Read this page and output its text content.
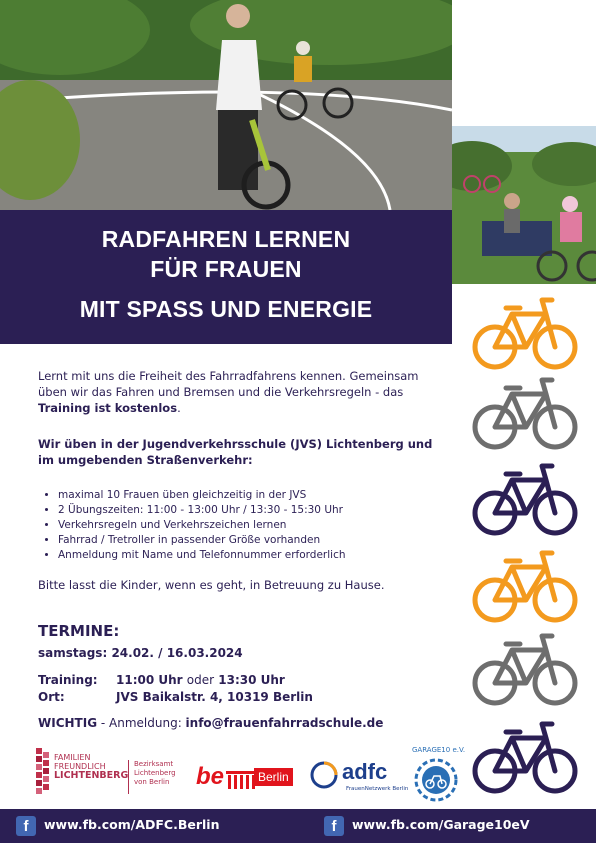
RADFAHREN LERNEN
FÜR FRAUEN
MIT SPASS UND ENERGIE
Lernt mit uns die Freiheit des Fahrradfahrens kennen. Gemeinsam üben wir das Fahren und Bremsen und die Verkehrsregeln - das Training ist kostenlos.
Wir üben in der Jugendverkehrsschule (JVS) Lichtenberg und im umgebenden Straßenverkehr:
• maximal 10 Frauen üben gleichzeitig in der JVS
• 2 Übungszeiten: 11:00 - 13:00 Uhr / 13:30 - 15:30 Uhr
• Verkehrsregeln und Verkehrszeichen lernen
• Fahrrad / Tretroller in passender Größe vorhanden
• Anmeldung mit Name und Telefonnummer erforderlich
Bitte lasst die Kinder, wenn es geht, in Betreuung zu Hause.
TERMINE:
samstags: 24.02. / 16.03.2024
Training: 11:00 Uhr oder 13:30 Uhr
Ort:	JVS Baikalstr. 4, 10319 Berlin
WICHTIG - Anmeldung: info@frauenfahrradschule.de
FAMILIEN
FREUNDLICH
LICHTENBERG
Bezirksamt
Lichtenberg
von Berlin	be	Berlin adfc
FrauenNetzwerk Berlin
GARAGE10 e.V.
f	www.fb.com/ADFC.Berlin	f	www.fb.com/Garage10eV
